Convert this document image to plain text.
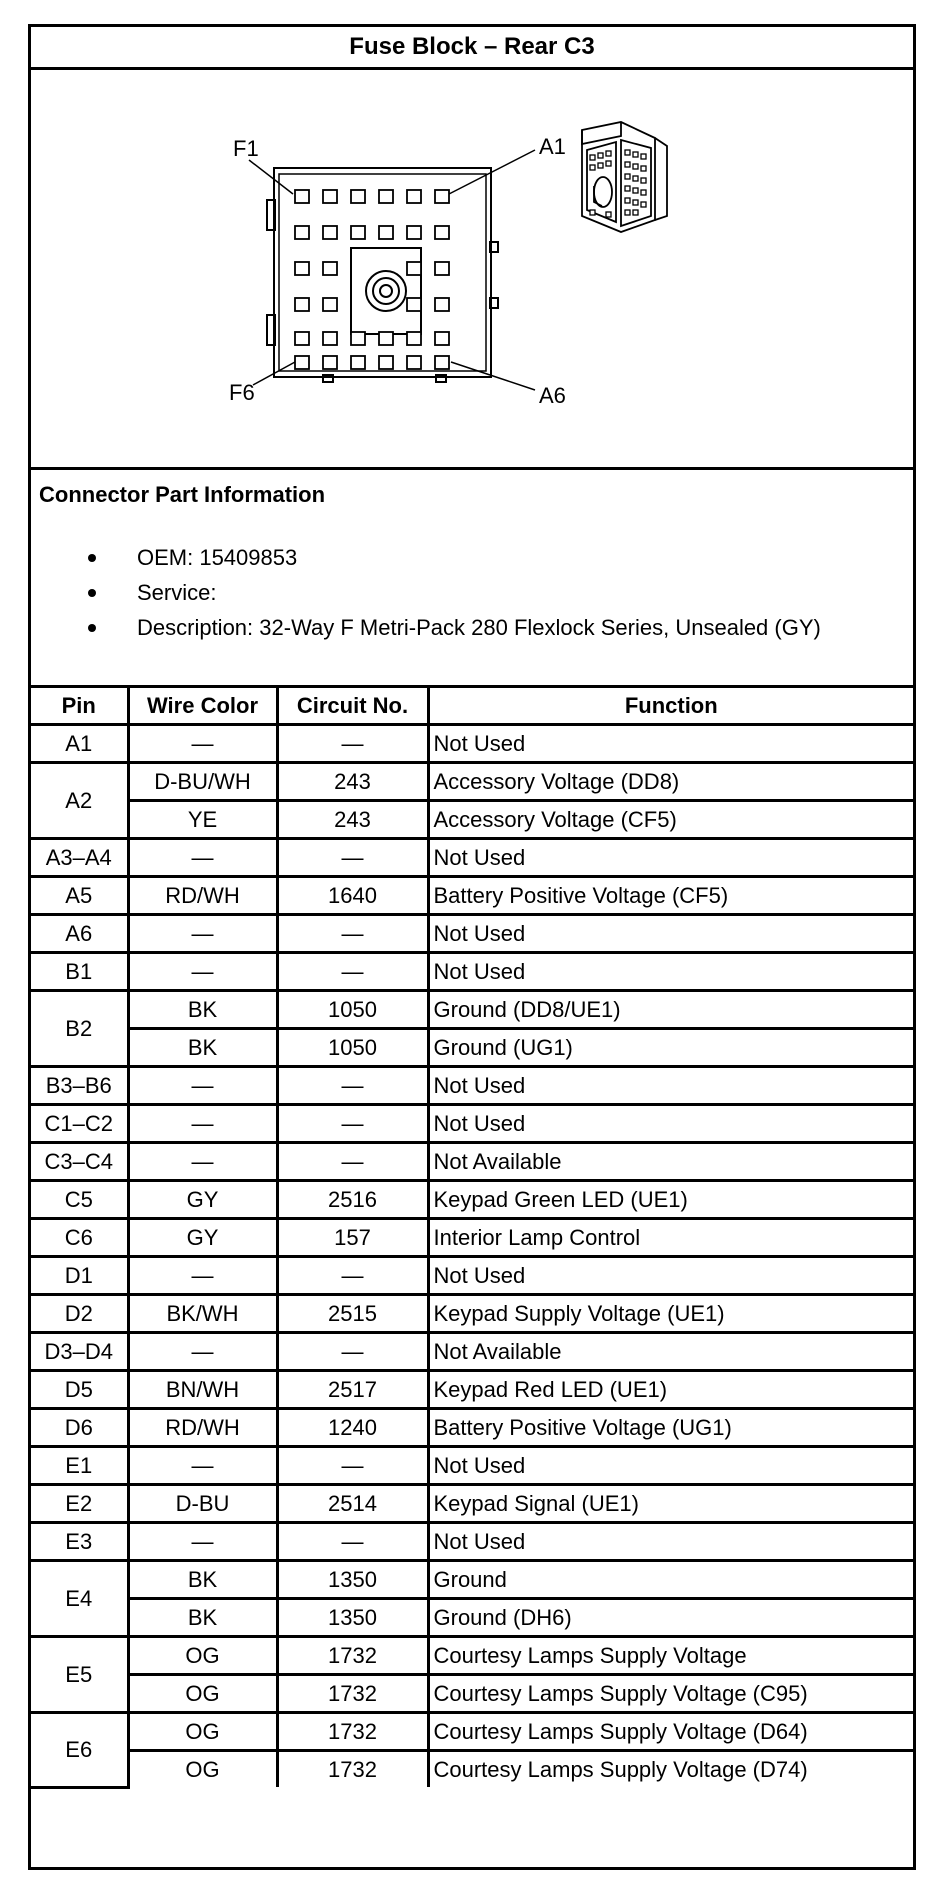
Fuse Block – Rear C3
F1	A1
F6	A6
Connector Part Information
OEM: 15409853
Service:
Description: 32-Way F Metri-Pack 280 Flexlock Series, Unsealed (GY)
Pin	Wire Color	Circuit No.	Function
A1	—	—	Not Used
A2	D-BU/WH	243	Accessory Voltage (DD8)
	YE	243	Accessory Voltage (CF5)
A3–A4	—	—	Not Used
A5	RD/WH	1640	Battery Positive Voltage (CF5)
A6	—	—	Not Used
B1	—	—	Not Used
B2	BK	1050	Ground (DD8/UE1)
	BK	1050	Ground (UG1)
B3–B6	—	—	Not Used
C1–C2	—	—	Not Used
C3–C4	—	—	Not Available
C5	GY	2516	Keypad Green LED (UE1)
C6	GY	157	Interior Lamp Control
D1	—	—	Not Used
D2	BK/WH	2515	Keypad Supply Voltage (UE1)
D3–D4	—	—	Not Available
D5	BN/WH	2517	Keypad Red LED (UE1)
D6	RD/WH	1240	Battery Positive Voltage (UG1)
E1	—	—	Not Used
E2	D-BU	2514	Keypad Signal (UE1)
E3	—	—	Not Used
E4	BK	1350	Ground
	BK	1350	Ground (DH6)
E5	OG	1732	Courtesy Lamps Supply Voltage
	OG	1732	Courtesy Lamps Supply Voltage (C95)
E6	OG	1732	Courtesy Lamps Supply Voltage (D64)
	OG	1732	Courtesy Lamps Supply Voltage (D74)
